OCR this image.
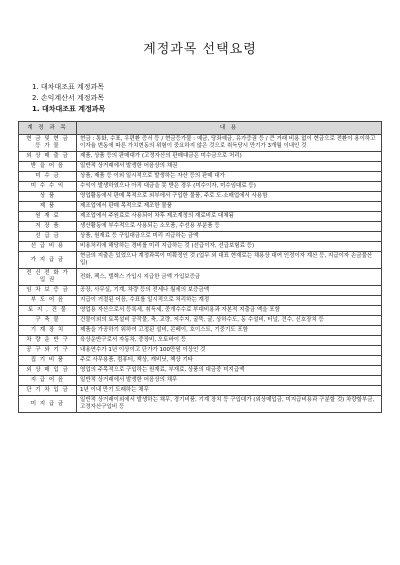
계정과목 선택요령
1. 대차대조표 계정과목
2. 손익계산서 계정과목
1. 대차대조표 계정과목
계 정 과 목	내 용
현 금 및 현 금 등 가 물	현금 : 통화, 수표, 우편환 증서 등 / 현금등가물 : 예금, 당좌예금, 유가증권 등 / 큰 거래 비용 없이 현금으로 전환이 용이하고 이자율 변동에 따른 가치변동의 위험이 중요하지 않은 것으로 취득당시 만기가 3개월 이내인 것
외 상 매 출 금	제품, 상품 등의 판매대가 (고정자산의 판매대금은 미수금으로 처리)
받 을 어 음	일반적 상거래에서 발생한 어음상의 채권
미 수 금	상품, 제품 등 이외 일시적으로 발생하는 자산 등의 판매 대가
미 수 수 익	수익이 발생하였으나 아직 대금을 못 받은 경우 (미수이자, 미수임대료 등)
상 품	영업활동에서 판매 목적으로 외부에서 구입한 물품, 주로 도·소매업에서 사용함
제 품	제조업에서 판매 목적으로 제조한 물품
원 재 료	제조업에서 주원료로 사용되어 차후 제조계정의 재료비로 대체됨
저 장 품	생산활동에 부수적으로 사용되는 소모품, 수선용 부분품 등
선 급 금	상품, 원재료 등 구입대금으로 미리 지급하는 금액
선 급 비 용	비용처리에 해당하는 경비를 미리 지급하는 것 (선급이자, 선급보험료 등)
가 지 급 금	현금의 지출은 있었으나 계정과목이 미확정인 것 (업무 외 대표 현재로는 채용상 대여 인정이자 계산 등, 지급이자 손금불산입)
전 신 전 화 가 입 권	전화, 팩스, 텔렉스 가입시 지급한 금액 가입보증금
임 차 보 증 금	공장, 사무실, 기계, 차량 등의 전세나 월세의 보증금액
부 도 어 음	지급이 거절된 어음, 수표를 일시적으로 처리하는 계정
토 지 , 건 물	영업용 자산으로서 등록세, 취득세, 중개수수료 부대비용과 자본적 지출금 액을 포함
구 축 물	건물이외의 토목설비 공작물, 축, 교량, 저수지, 굴뚝, 굴, 상하수도, 동 수설비, 터널, 견수, 신호장치 등
기 계 장 치	제품을 가공하기 위하여 고정된 설비, 콘베이, 호이스트, 기중기도 포함
차 량 운 반 구	육상운반구로서 자동차, 중장비, 오토바이 등
공 구 와 기 구	내용연수가 1년 이상이고 단가가 100만원 이상인 것
집 기 비 품	주로 사무용품, 컴퓨터, 책상, 캐비닛, 책상 기타
외 상 매 입 금	영업의 주목적으로 구입하는 원재료, 부재료, 상품의 대금중 미지급액
지 급 어 음	일반적 상거래에서 발생한 어음상의 채무
단 기 차 입 금	1년 이내 만기 도래하는 채무
미 지 급 금	일반적 상거래이외에서 발생하는 채무, 경기비품, 기계 장치 등 구입대가 (외상매입금, 미지급비용과 구분할 것) 차량할부금, 고정자산구입비 등
